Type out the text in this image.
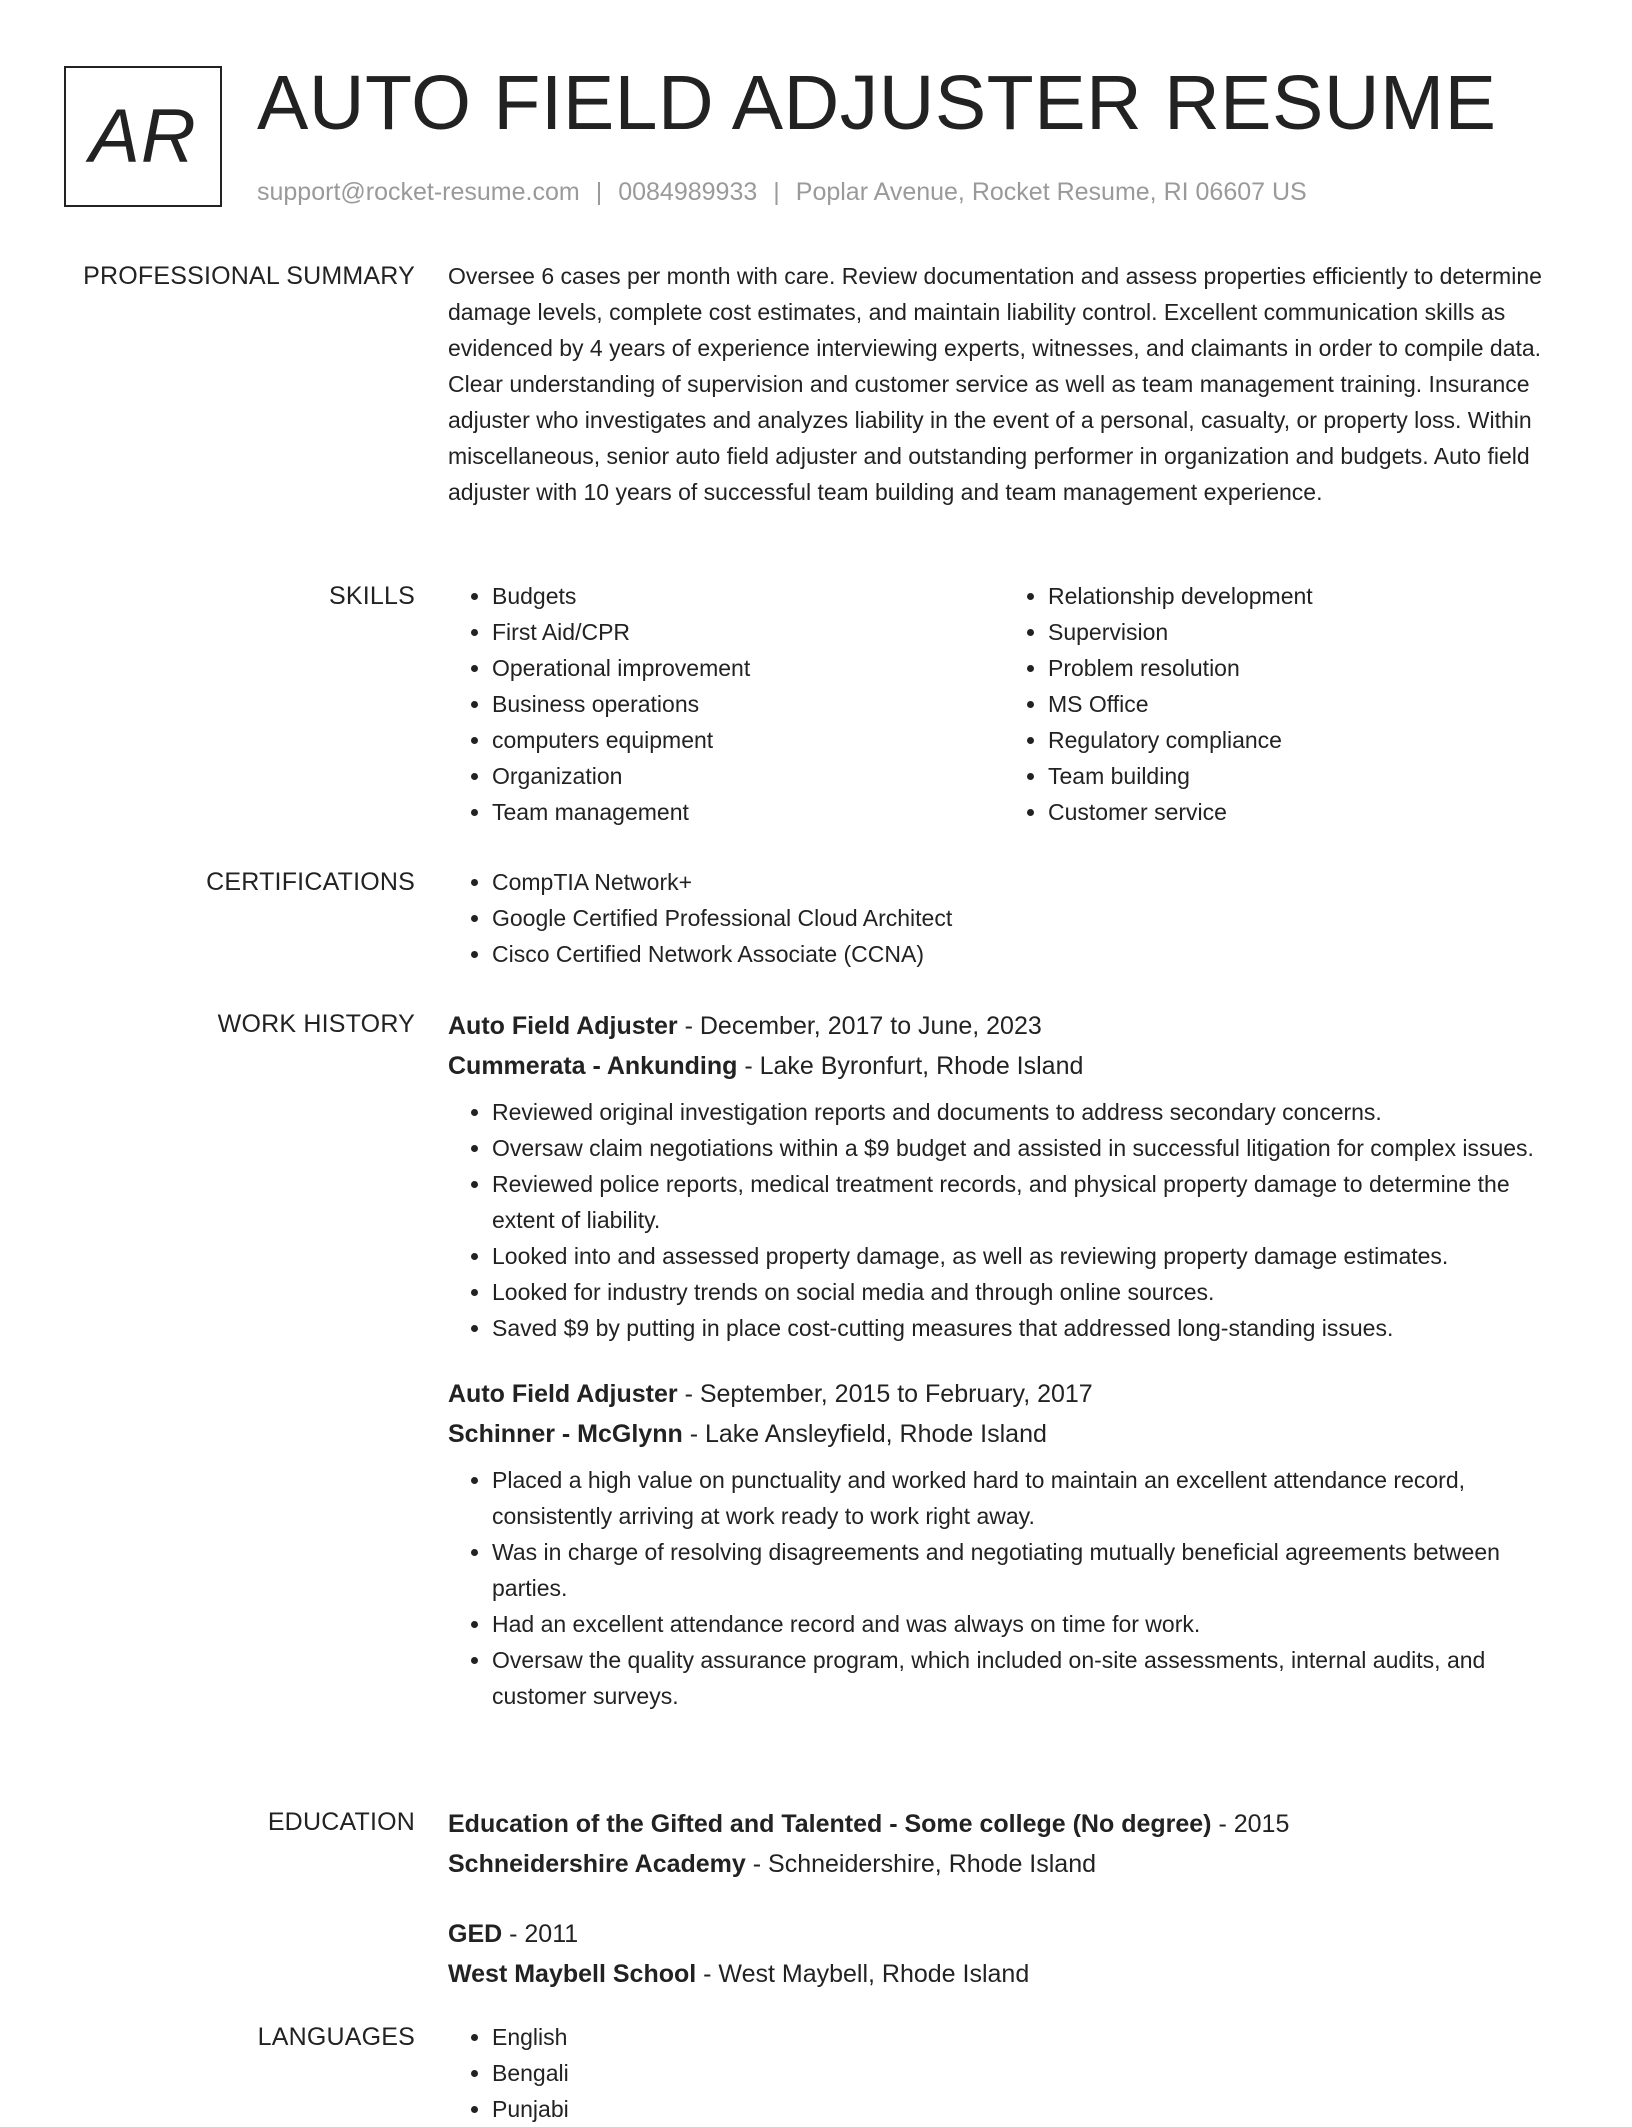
AR AUTO FIELD ADJUSTER RESUME
support@rocket-resume.com | 0084989933 | Poplar Avenue, Rocket Resume, RI 06607 US
PROFESSIONAL SUMMARY Oversee 6 cases per month with care. Review documentation and assess properties efficiently to determine damage levels, complete cost estimates, and maintain liability control. Excellent communication skills as evidenced by 4 years of experience interviewing experts, witnesses, and claimants in order to compile data. Clear understanding of supervision and customer service as well as team management training. Insurance adjuster who investigates and analyzes liability in the event of a personal, casualty, or property loss. Within miscellaneous, senior auto field adjuster and outstanding performer in organization and budgets. Auto field adjuster with 10 years of successful team building and team management experience.

SKILLS	• Budgets
• First Aid/CPR
• Operational improvement
• Business operations
• computers equipment
• Organization
• Team management
• Relationship development
• Supervision
• Problem resolution
• MS Office
• Regulatory compliance
• Team building
• Customer service
CERTIFICATIONS	• CompTIA Network+
• Google Certified Professional Cloud Architect
• Cisco Certified Network Associate (CCNA)
WORK HISTORY Auto Field Adjuster - December, 2017 to June, 2023
Cummerata - Ankunding - Lake Byronfurt, Rhode Island
• Reviewed original investigation reports and documents to address secondary concerns.
• Oversaw claim negotiations within a $9 budget and assisted in successful litigation for complex issues.
• Reviewed police reports, medical treatment records, and physical property damage to determine the extent of liability.
• Looked into and assessed property damage, as well as reviewing property damage estimates.
• Looked for industry trends on social media and through online sources.
• Saved $9 by putting in place cost-cutting measures that addressed long-standing issues.
Auto Field Adjuster - September, 2015 to February, 2017
Schinner - McGlynn - Lake Ansleyfield, Rhode Island
• Placed a high value on punctuality and worked hard to maintain an excellent attendance record, consistently arriving at work ready to work right away.
• Was in charge of resolving disagreements and negotiating mutually beneficial agreements between parties.
• Had an excellent attendance record and was always on time for work.
• Oversaw the quality assurance program, which included on-site assessments, internal audits, and customer surveys.
EDUCATION Education of the Gifted and Talented - Some college (No degree) - 2015
Schneidershire Academy - Schneidershire, Rhode Island
GED - 2011
West Maybell School - West Maybell, Rhode Island
LANGUAGES	• English
• Bengali
• Punjabi
